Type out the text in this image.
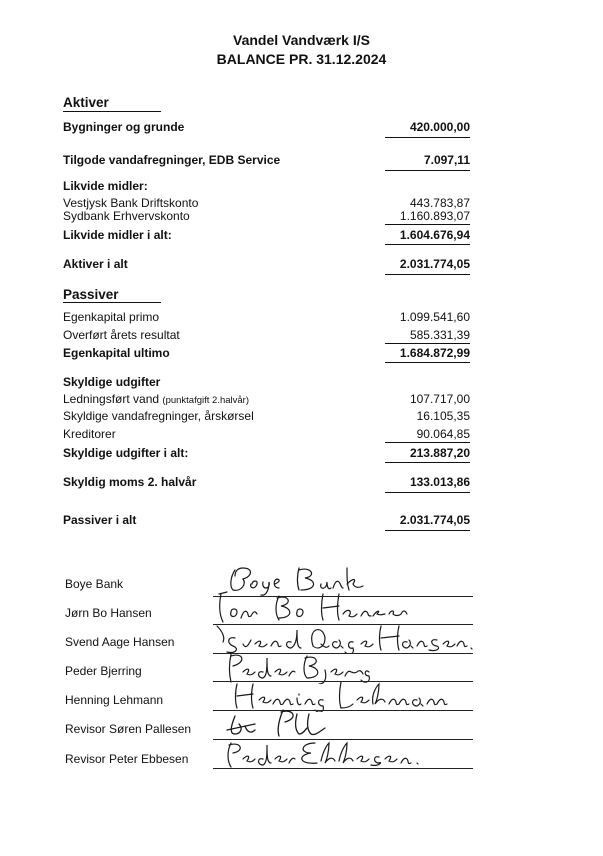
Vandel Vandværk I/S
BALANCE PR. 31.12.2024
Aktiver
Bygninger og grunde	420.000,00
Tilgode vandafregninger, EDB Service	7.097,11
Likvide midler:
Vestjysk Bank Driftskonto	443.783,87
Sydbank Erhvervskonto	1.160.893,07
Likvide midler i alt:	1.604.676,94
Aktiver i alt	2.031.774,05
Passiver
Egenkapital primo	1.099.541,60
Overført årets resultat	585.331,39
Egenkapital ultimo	1.684.872,99
Skyldige udgifter
Ledningsført vand (punktafgift 2.halvår)	107.717,00
Skyldige vandafregninger, årskørsel	16.105,35
Kreditorer	90.064,85
Skyldige udgifter i alt:	213.887,20
Skyldig moms 2. halvår	133.013,86
Passiver i alt	2.031.774,05
Boye Bank
Jørn Bo Hansen
Svend Aage Hansen
Peder Bjerring
Henning Lehmann
Revisor Søren Pallesen
Revisor Peter Ebbesen
